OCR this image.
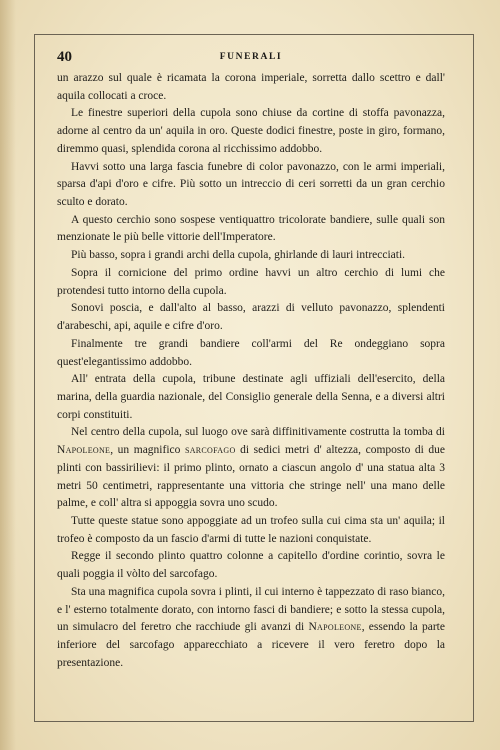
40	FUNERALI

un arazzo sul quale è ricamata la corona imperiale, sorretta dallo scettro e dall' aquila collocati a croce.

Le finestre superiori della cupola sono chiuse da cortine di stoffa pavonazza, adorne al centro da un' aquila in oro. Queste dodici finestre, poste in giro, formano, diremmo quasi, splendida corona al ricchissimo addobbo.

Havvi sotto una larga fascia funebre di color pavonazzo, con le armi imperiali, sparsa d'api d'oro e cifre. Più sotto un intreccio di ceri sorretti da un gran cerchio sculto e dorato.

A questo cerchio sono sospese ventiquattro tricolorate bandiere, sulle quali son menzionate le più belle vittorie dell'Imperatore.

Più basso, sopra i grandi archi della cupola, ghirlande di lauri intrecciati.

Sopra il cornicione del primo ordine havvi un altro cerchio di lumi che protendesi tutto intorno della cupola.

Sonovi poscia, e dall'alto al basso, arazzi di velluto pavonazzo, splendenti d'arabeschi, api, aquile e cifre d'oro.

Finalmente tre grandi bandiere coll'armi del Re ondeggiano sopra quest'elegantissimo addobbo.

All' entrata della cupola, tribune destinate agli uffiziali dell'esercito, della marina, della guardia nazionale, del Consiglio generale della Senna, e a diversi altri corpi constituiti.

Nel centro della cupola, sul luogo ove sarà diffinitivamente costrutta la tomba di Napoleone, un magnifico sarcofago di sedici metri d' altezza, composto di due plinti con bassirilievi: il primo plinto, ornato a ciascun angolo d' una statua alta 3 metri 50 centimetri, rappresentante una vittoria che stringe nell' una mano delle palme, e coll' altra si appoggia sovra uno scudo.

Tutte queste statue sono appoggiate ad un trofeo sulla cui cima sta un' aquila; il trofeo è composto da un fascio d'armi di tutte le nazioni conquistate.

Regge il secondo plinto quattro colonne a capitello d'ordine corintio, sovra le quali poggia il vòlto del sarcofago.

Sta una magnifica cupola sovra i plinti, il cui interno è tappezzato di raso bianco, e l' esterno totalmente dorato, con intorno fasci di bandiere; e sotto la stessa cupola, un simulacro del feretro che racchiude gli avanzi di Napoleone, essendo la parte inferiore del sarcofago apparecchiato a ricevere il vero feretro dopo la presentazione.
